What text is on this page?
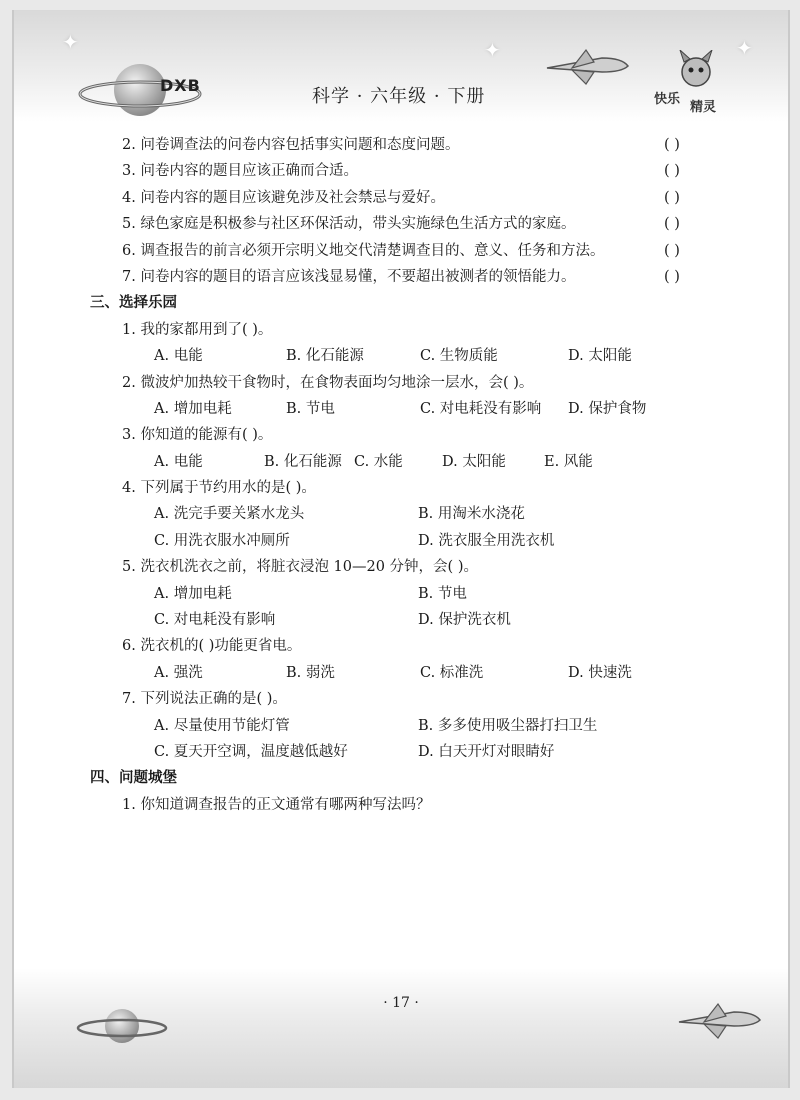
✦	✦	✦
DXB
科学 · 六年级 · 下册	快乐
精灵
2. 问卷调查法的问卷内容包括事实问题和态度问题。	( )
3. 问卷内容的题目应该正确而合适。	( )
4. 问卷内容的题目应该避免涉及社会禁忌与爱好。	( )
5. 绿色家庭是积极参与社区环保活动，带头实施绿色生活方式的家庭。	( )
6. 调查报告的前言必须开宗明义地交代清楚调查目的、意义、任务和方法。	( )
7. 问卷内容的题目的语言应该浅显易懂，不要超出被测者的领悟能力。	( )
三、选择乐园
1. 我的家都用到了( )。
A. 电能	B. 化石能源	C. 生物质能	D. 太阳能
2. 微波炉加热较干食物时，在食物表面均匀地涂一层水，会( )。
A. 增加电耗	B. 节电	C. 对电耗没有影响 D. 保护食物
3. 你知道的能源有( )。
A. 电能	B. 化石能源 C. 水能	D. 太阳能	E. 风能
4. 下列属于节约用水的是( )。
A. 洗完手要关紧水龙头	B. 用淘米水浇花
C. 用洗衣服水冲厕所	D. 洗衣服全用洗衣机
5. 洗衣机洗衣之前，将脏衣浸泡 10—20 分钟，会( )。
A. 增加电耗	B. 节电
C. 对电耗没有影响	D. 保护洗衣机
6. 洗衣机的( )功能更省电。
A. 强洗	B. 弱洗	C. 标准洗	D. 快速洗
7. 下列说法正确的是( )。
A. 尽量使用节能灯管	B. 多多使用吸尘器打扫卫生
C. 夏天开空调，温度越低越好	D. 白天开灯对眼睛好
四、问题城堡
1. 你知道调查报告的正文通常有哪两种写法吗？
· 17 ·
